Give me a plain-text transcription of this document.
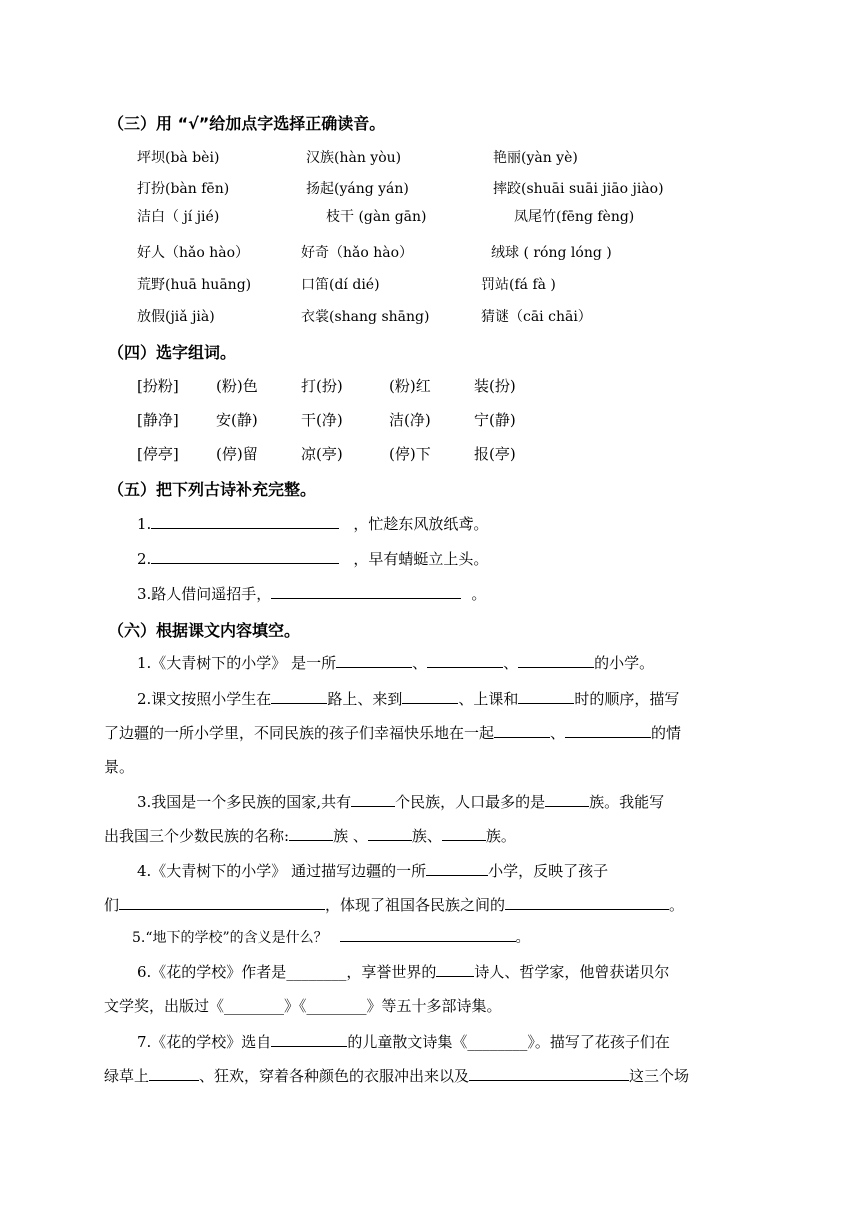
（三）用 “√”给加点字选择正确读音。
坪坝(bà bèi)	汉族(hàn yòu)	艳丽(yàn yè)
打扮(bàn fēn)	扬起(yáng yán)	摔跤(shuāi suāi jiāo jiào)
洁白（ jí jié)	枝干 (gàn gān)	凤尾竹(fēng fèng)
好人（hǎo hào）	好奇（hǎo hào）	绒球 ( róng lóng )
荒野(huā huāng)	口笛(dí dié)	罚站(fá fà )
放假(jiǎ jià)	衣裳(shang shāng)	猜谜（cāi chāi）
（四）选字组词。
[扮粉] (粉)色	打(扮)	(粉)红	装(扮)
[静净] 安(静)	干(净)	洁(净)	宁(静)
[停亭] (停)留	凉(亭)	(停)下	报(亭)
（五）把下列古诗补充完整。
1.	，忙趁东风放纸鸢。
2.	，早有蜻蜓立上头。
3.路人借问遥招手，	。
（六）根据课文内容填空。
1.《大青树下的小学》 是一所	、	、	的小学。
2.课文按照小学生在	路上、来到	、上课和	时的顺序，描写
了边疆的一所小学里，不同民族的孩子们幸福快乐地在一起	、	的情
景。
3.我国是一个多民族的国家,共有	个民族，人口最多的是	族。我能写
出我国三个少数民族的名称:	族 、	族、	族。
4.《大青树下的小学》 通过描写边疆的一所	小学，反映了孩子
们	，体现了祖国各民族之间的	。
5.“地下的学校”的含义是什么？	。
6.《花的学校》作者是________，享誉世界的	诗人、哲学家，他曾获诺贝尔
文学奖，出版过《________》《________》等五十多部诗集。
7.《花的学校》选自	的儿童散文诗集《________》。描写了花孩子们在
绿草上	、狂欢，穿着各种颜色的衣服冲出来以及	这三个场
